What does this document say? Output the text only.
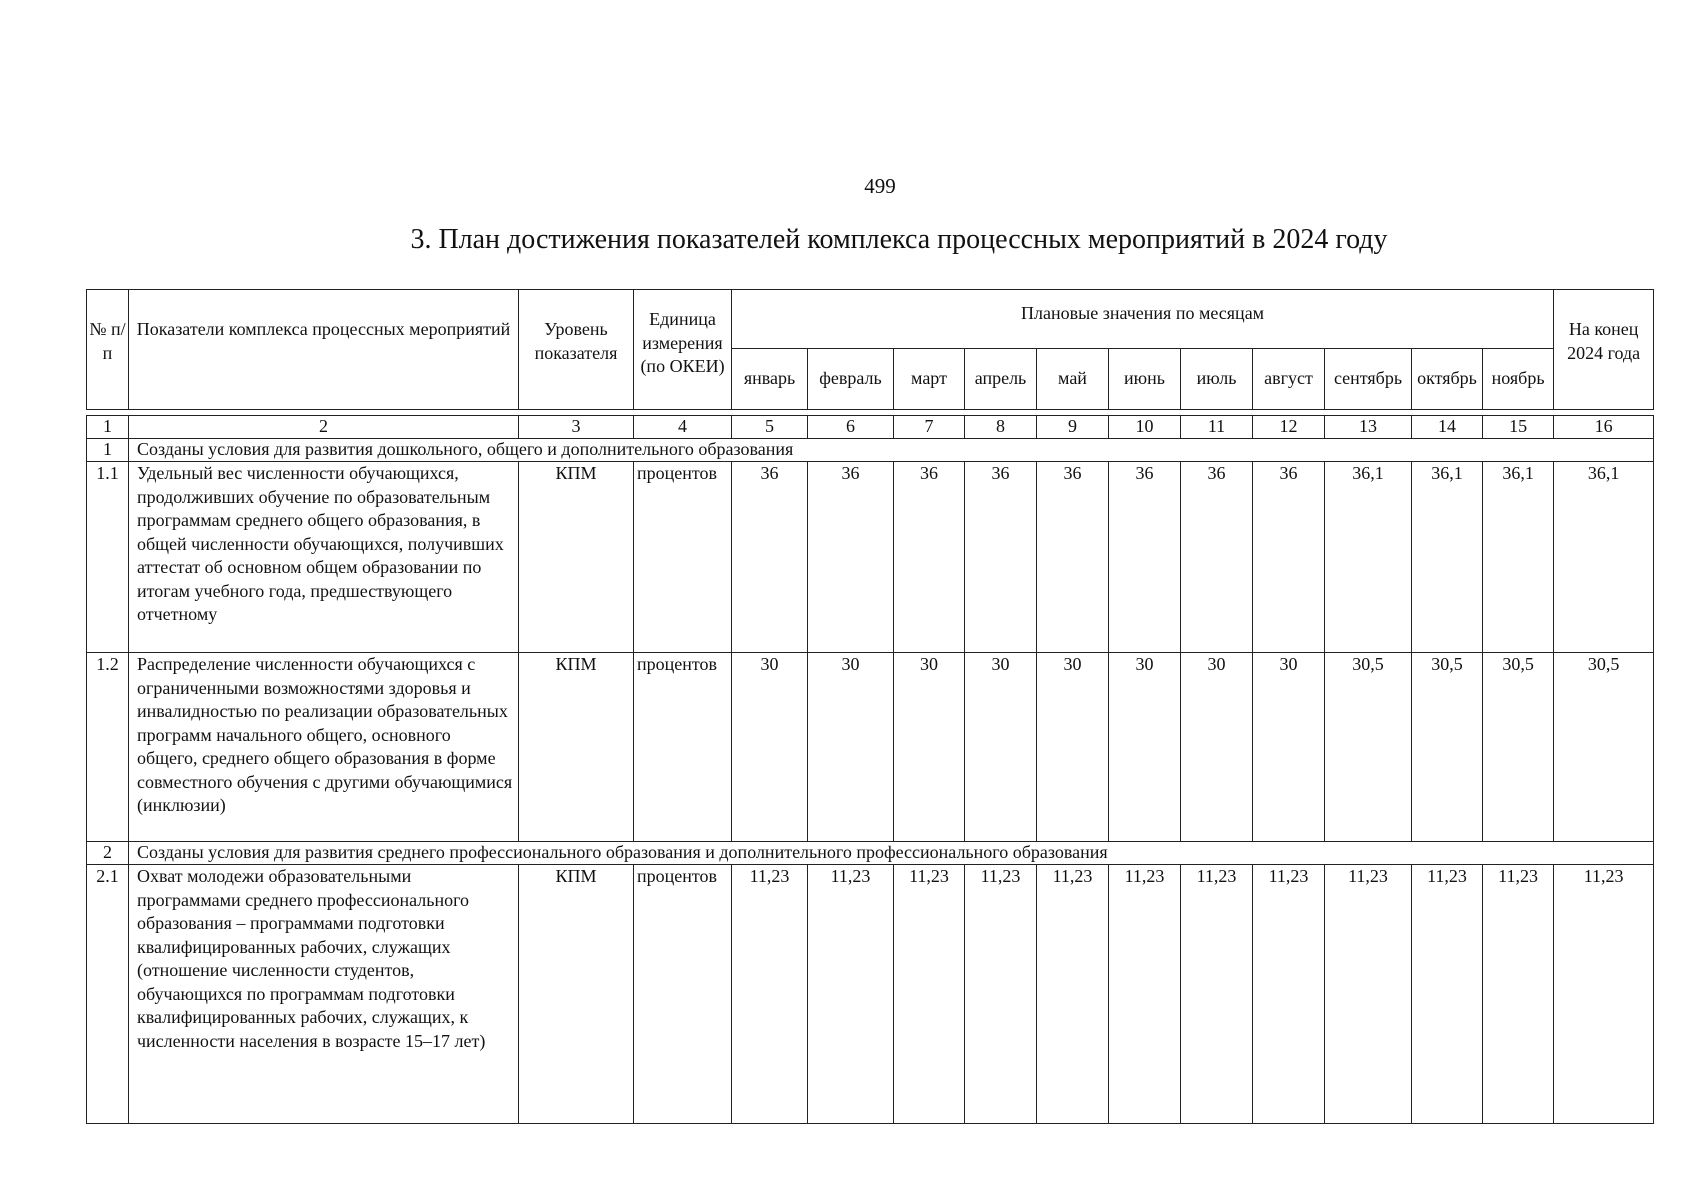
499
3. План достижения показателей комплекса процессных мероприятий в 2024 году
№ п/п	Показатели комплекса процессных мероприятий	Уровень показателя	Единица измерения (по ОКЕИ)	Плановые значения по месяцам											На конец 2024 года
				январь	февраль	март	апрель	май	июнь	июль	август	сентябрь	октябрь	ноябрь	

1	2	3	4	5	6	7	8	9	10	11	12	13	14	15	16
1	Созданы условия для развития дошкольного, общего и дополнительного образования														
1.1	Удельный вес численности обучающихся, продолживших обучение по образовательным программам среднего общего образования, в общей численности обучающихся, получивших аттестат об основном общем образовании по итогам учебного года, предшествующего отчетному	КПМ	процентов	36	36	36	36	36	36	36	36	36,1	36,1	36,1	36,1
1.2	Распределение численности обучающихся с ограниченными возможностями здоровья и инвалидностью по реализации образовательных программ начального общего, основного общего, среднего общего образования в форме совместного обучения с другими обучающимися (инклюзии)	КПМ	процентов	30	30	30	30	30	30	30	30	30,5	30,5	30,5	30,5
2	Созданы условия для развития среднего профессионального образования и дополнительного профессионального образования														
2.1	Охват молодежи образовательными программами среднего профессионального образования – программами подготовки квалифицированных рабочих, служащих (отношение численности студентов, обучающихся по программам подготовки квалифицированных рабочих, служащих, к численности населения в возрасте 15–17 лет)	КПМ	процентов	11,23	11,23	11,23	11,23	11,23	11,23	11,23	11,23	11,23	11,23	11,23	11,23
